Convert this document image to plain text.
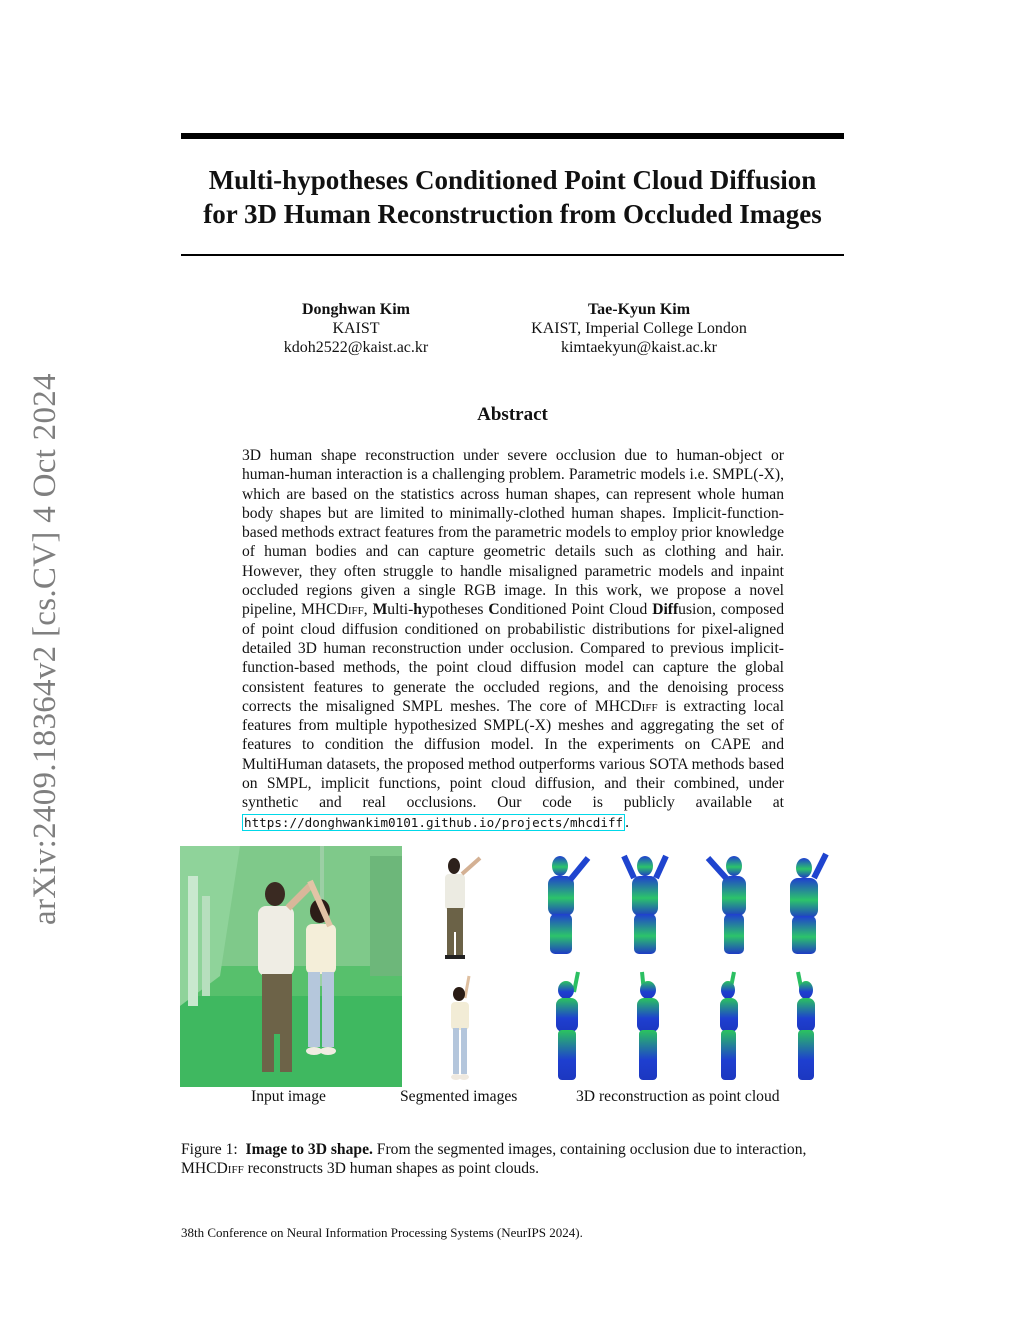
arXiv:2409.18364v2 [cs.CV] 4 Oct 2024
Multi-hypotheses Conditioned Point Cloud Diffusion
for 3D Human Reconstruction from Occluded Images
Donghwan Kim
KAIST
kdoh2522@kaist.ac.kr
Tae-Kyun Kim
KAIST, Imperial College London
kimtaekyun@kaist.ac.kr
Abstract
3D human shape reconstruction under severe occlusion due to human-object or human-human interaction is a challenging problem. Parametric models i.e. SMPL(-X), which are based on the statistics across human shapes, can represent whole human body shapes but are limited to minimally-clothed human shapes. Implicit-function-based methods extract features from the parametric models to employ prior knowledge of human bodies and can capture geometric details such as clothing and hair. However, they often struggle to handle misaligned parametric models and inpaint occluded regions given a single RGB image. In this work, we propose a novel pipeline, MHCDiff, Multi-hypotheses Conditioned Point Cloud Diffusion, composed of point cloud diffusion conditioned on probabilistic distributions for pixel-aligned detailed 3D human reconstruction under occlusion. Compared to previous implicit-function-based methods, the point cloud diffusion model can capture the global consistent features to generate the occluded regions, and the denoising process corrects the misaligned SMPL meshes. The core of MHCDiff is extracting local features from multiple hypothesized SMPL(-X) meshes and aggregating the set of features to condition the diffusion model. In the experiments on CAPE and MultiHuman datasets, the proposed method outperforms various SOTA methods based on SMPL, implicit functions, point cloud diffusion, and their combined, under synthetic and real occlusions. Our code is publicly available at https://donghwankim0101.github.io/projects/mhcdiff .
Input image	Segmented images	3D reconstruction as point cloud
Figure 1: Image to 3D shape. From the segmented images, containing occlusion due to interaction, MHCDiff reconstructs 3D human shapes as point clouds.
38th Conference on Neural Information Processing Systems (NeurIPS 2024).
